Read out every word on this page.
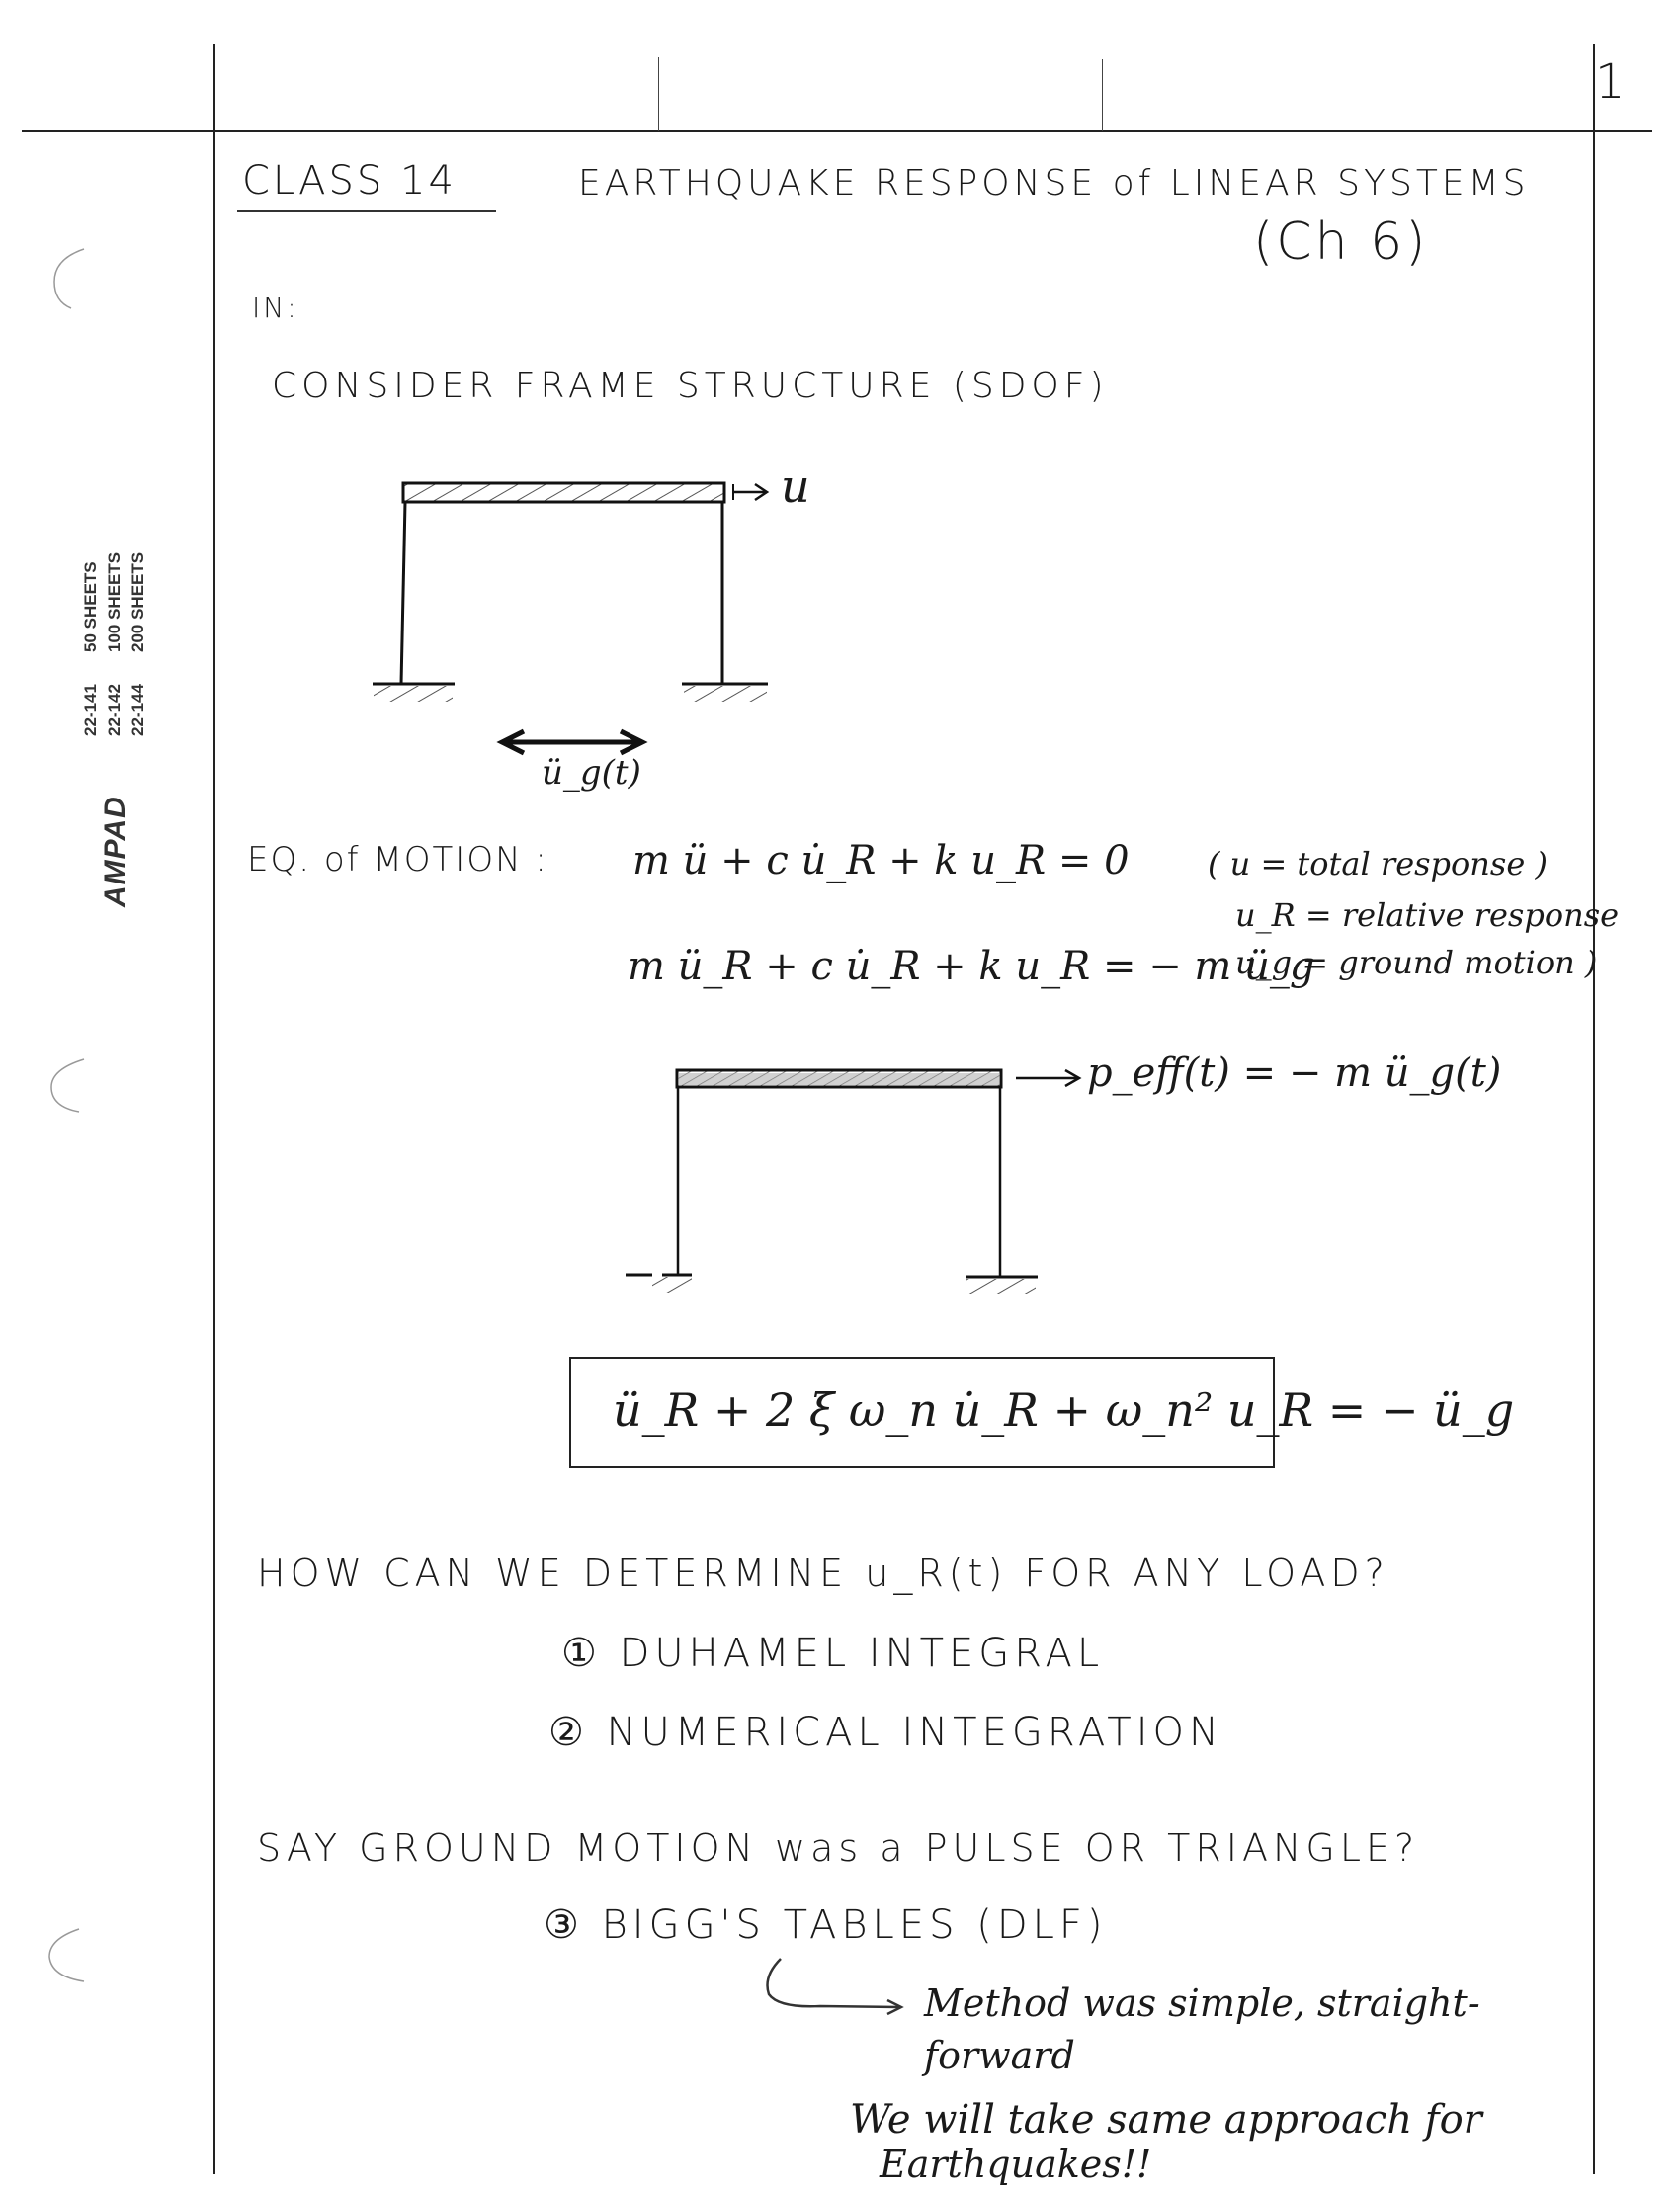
1
50 SHEETS 100 SHEETS 200 SHEETS
22-141 22-142 22-144
AMPAD
CLASS 14	EARTHQUAKE RESPONSE of LINEAR SYSTEMS
(Ch 6)
IN:
CONSIDER FRAME STRUCTURE (SDOF)
u
ü_g(t)
EQ. of MOTION : m ü + c u̇_R + k u_R = 0
m ü_R + c u̇_R + k u_R = − m ü_g
( u = total response )
u_R = relative response
u_g = ground motion )
p_eff(t) = − m ü_g(t)
ü_R + 2 ξ ω_n u̇_R + ω_n² u_R = − ü_g
HOW CAN WE DETERMINE u_R(t) FOR ANY LOAD?
① DUHAMEL INTEGRAL
② NUMERICAL INTEGRATION
SAY GROUND MOTION was a PULSE OR TRIANGLE?
③ BIGG'S TABLES (DLF)
Method was simple, straight-
forward
We will take same approach for
Earthquakes!!
